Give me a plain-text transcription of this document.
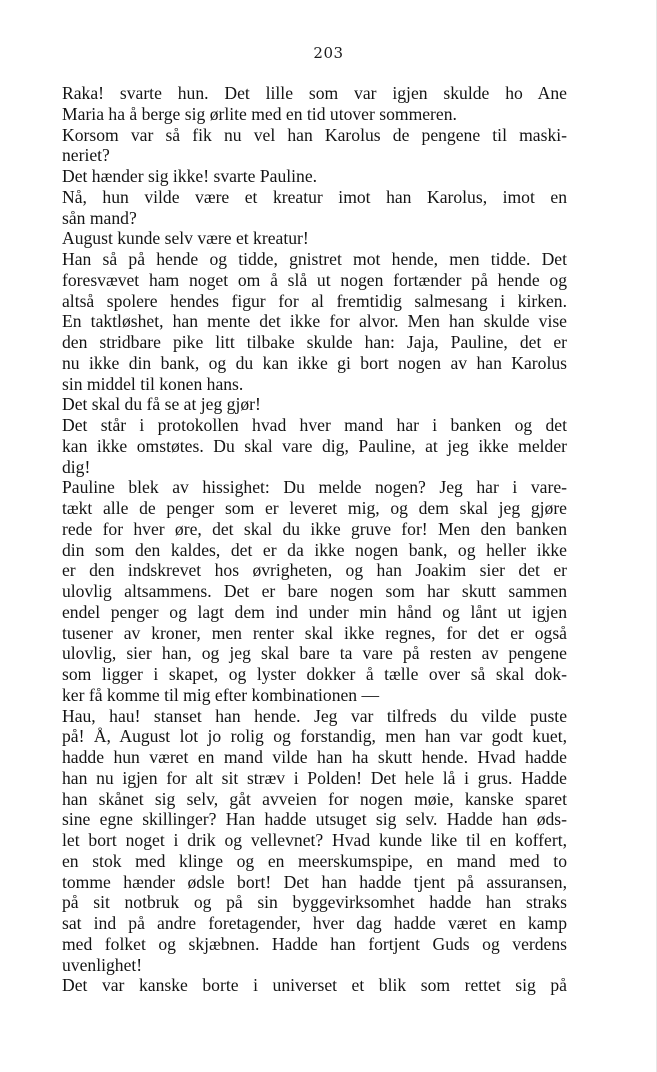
203
Raka! svarte hun. Det lille som var igjen skulde ho Ane
Maria ha å berge sig ørlite med en tid utover sommeren.
Korsom var så fik nu vel han Karolus de pengene til maski-
neriet?
Det hænder sig ikke! svarte Pauline.
Nå, hun vilde være et kreatur imot han Karolus, imot en
sån mand?
August kunde selv være et kreatur!
Han så på hende og tidde, gnistret mot hende, men tidde. Det
foresvævet ham noget om å slå ut nogen fortænder på hende og
altså spolere hendes figur for al fremtidig salmesang i kirken.
En taktløshet, han mente det ikke for alvor. Men han skulde vise
den stridbare pike litt tilbake skulde han: Jaja, Pauline, det er
nu ikke din bank, og du kan ikke gi bort nogen av han Karolus
sin middel til konen hans.
Det skal du få se at jeg gjør!
Det står i protokollen hvad hver mand har i banken og det
kan ikke omstøtes. Du skal vare dig, Pauline, at jeg ikke melder
dig!
Pauline blek av hissighet: Du melde nogen? Jeg har i vare-
tækt alle de penger som er leveret mig, og dem skal jeg gjøre
rede for hver øre, det skal du ikke gruve for! Men den banken
din som den kaldes, det er da ikke nogen bank, og heller ikke
er den indskrevet hos øvrigheten, og han Joakim sier det er
ulovlig altsammens. Det er bare nogen som har skutt sammen
endel penger og lagt dem ind under min hånd og lånt ut igjen
tusener av kroner, men renter skal ikke regnes, for det er også
ulovlig, sier han, og jeg skal bare ta vare på resten av pengene
som ligger i skapet, og lyster dokker å tælle over så skal dok-
ker få komme til mig efter kombinationen —
Hau, hau! stanset han hende. Jeg var tilfreds du vilde puste
på! Å, August lot jo rolig og forstandig, men han var godt kuet,
hadde hun været en mand vilde han ha skutt hende. Hvad hadde
han nu igjen for alt sit stræv i Polden! Det hele lå i grus. Hadde
han skånet sig selv, gåt avveien for nogen møie, kanske sparet
sine egne skillinger? Han hadde utsuget sig selv. Hadde han øds-
let bort noget i drik og vellevnet? Hvad kunde like til en koffert,
en stok med klinge og en meerskumspipe, en mand med to
tomme hænder ødsle bort! Det han hadde tjent på assuransen,
på sit notbruk og på sin byggevirksomhet hadde han straks
sat ind på andre foretagender, hver dag hadde været en kamp
med folket og skjæbnen. Hadde han fortjent Guds og verdens
uvenlighet!
Det var kanske borte i universet et blik som rettet sig på
